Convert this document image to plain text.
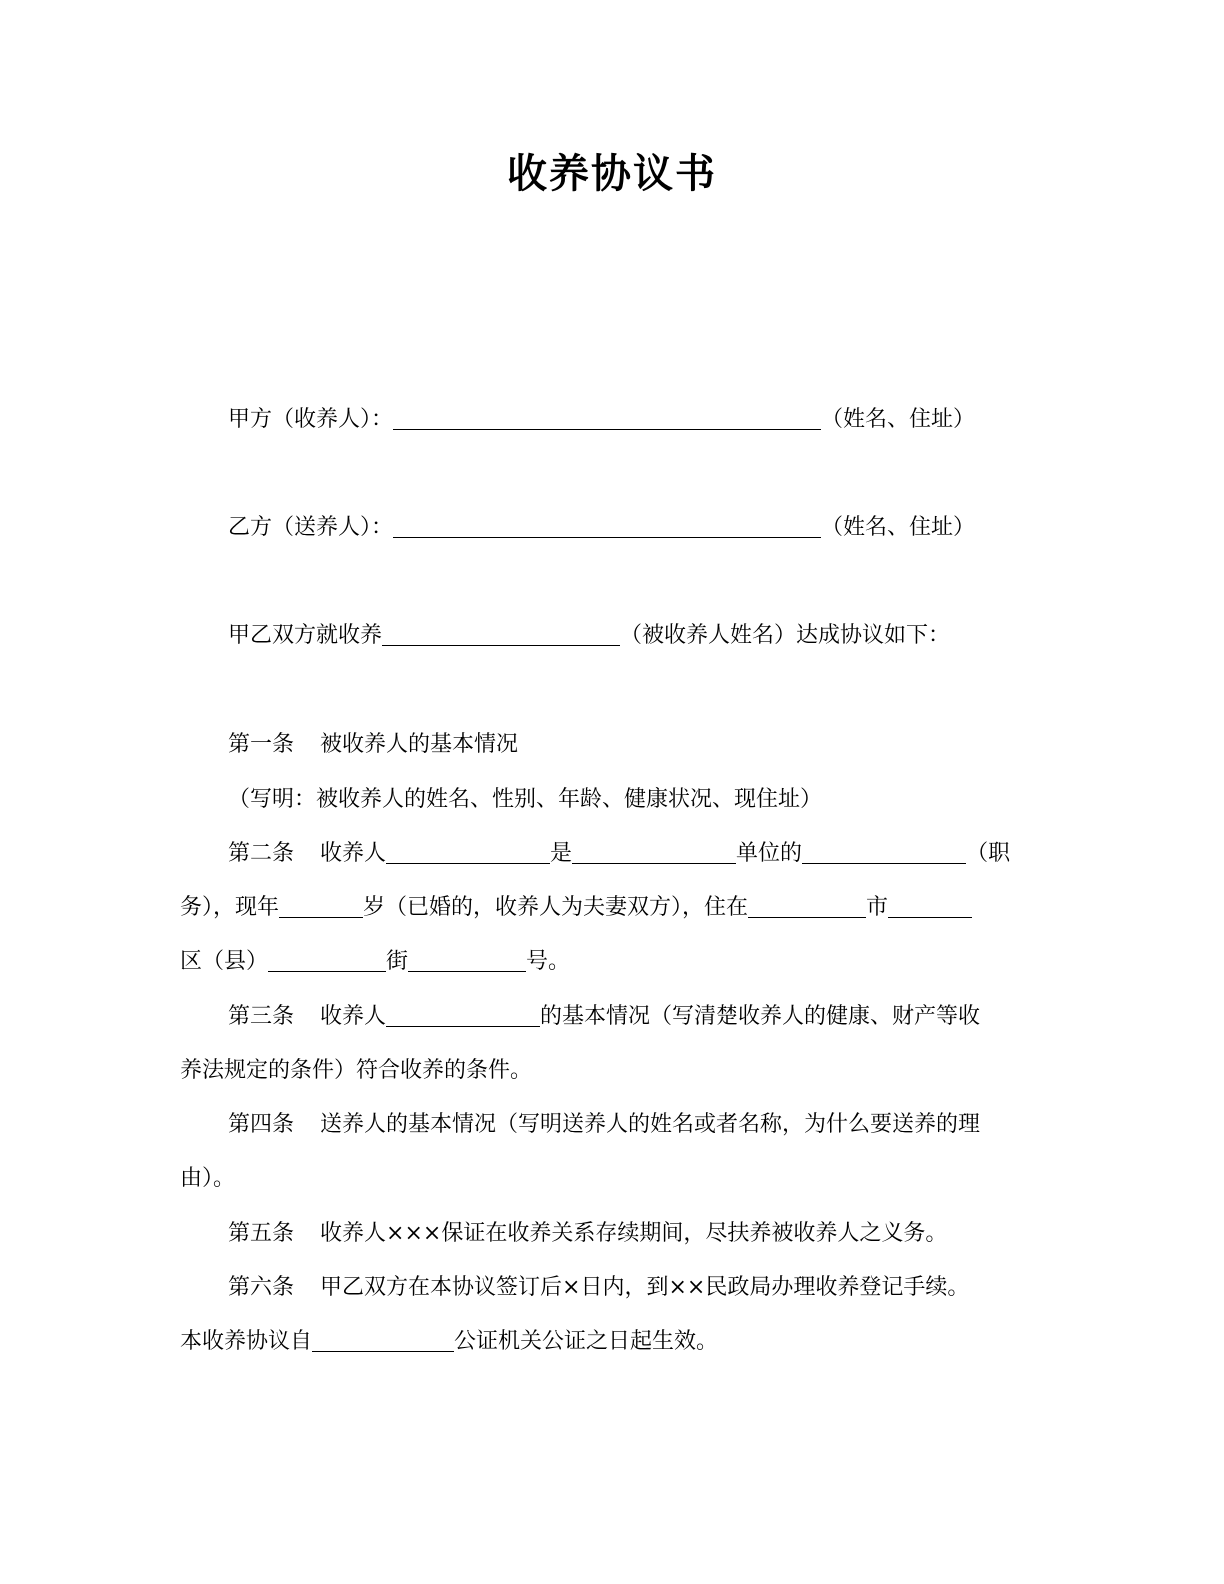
收养协议书
甲方（收养人）：	（姓名、住址）
乙方（送养人）：	（姓名、住址）
甲乙双方就收养	（被收养人姓名）达成协议如下：
第一条 被收养人的基本情况
（写明：被收养人的姓名、性别、年龄、健康状况、现住址）
第二条 收养人	是	单位的	（职
务），现年	岁（已婚的，收养人为夫妻双方），住在	市
区（县）	街	号。
第三条 收养人	的基本情况（写清楚收养人的健康、财产等收
养法规定的条件）符合收养的条件。
第四条 送养人的基本情况（写明送养人的姓名或者名称，为什么要送养的理
由）。
第五条 收养人×××保证在收养关系存续期间，尽扶养被收养人之义务。
第六条 甲乙双方在本协议签订后×日内，到××民政局办理收养登记手续。
本收养协议自	公证机关公证之日起生效。
